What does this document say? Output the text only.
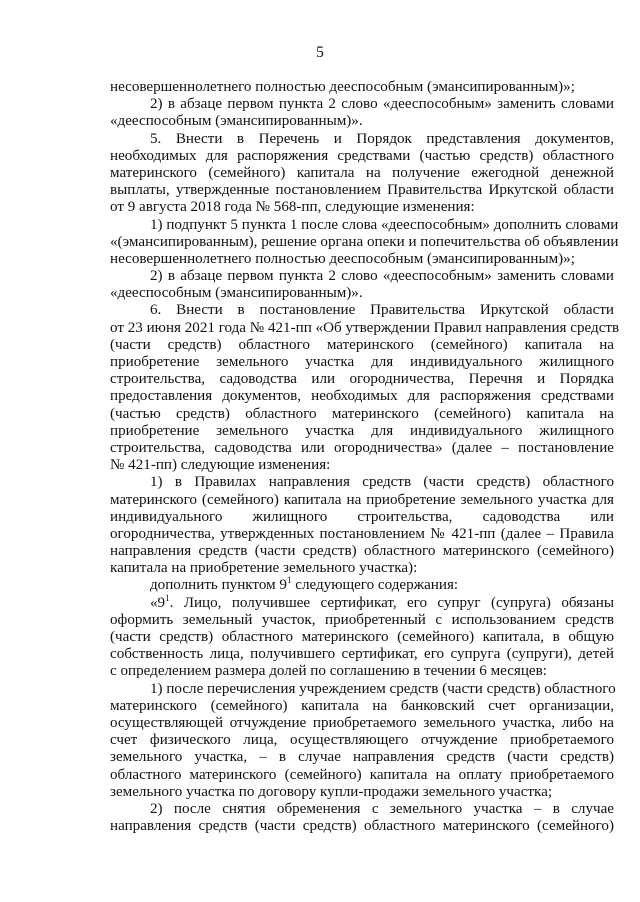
5
несовершеннолетнего полностью дееспособным (эмансипированным)»;
2) в абзаце первом пункта 2 слово «дееспособным» заменить словами
«дееспособным (эмансипированным)».
5. Внести в Перечень и Порядок представления документов,
необходимых для распоряжения средствами (частью средств) областного
материнского (семейного) капитала на получение ежегодной денежной
выплаты, утвержденные постановлением Правительства Иркутской области
от 9 августа 2018 года № 568-пп, следующие изменения:
1) подпункт 5 пункта 1 после слова «дееспособным» дополнить словами
«(эмансипированным), решение органа опеки и попечительства об объявлении
несовершеннолетнего полностью дееспособным (эмансипированным)»;
2) в абзаце первом пункта 2 слово «дееспособным» заменить словами
«дееспособным (эмансипированным)».
6. Внести в постановление Правительства Иркутской области
от 23 июня 2021 года № 421-пп «Об утверждении Правил направления средств
(части средств) областного материнского (семейного) капитала на
приобретение земельного участка для индивидуального жилищного
строительства, садоводства или огородничества, Перечня и Порядка
предоставления документов, необходимых для распоряжения средствами
(частью средств) областного материнского (семейного) капитала на
приобретение земельного участка для индивидуального жилищного
строительства, садоводства или огородничества» (далее – постановление
№ 421-пп) следующие изменения:
1) в Правилах направления средств (части средств) областного
материнского (семейного) капитала на приобретение земельного участка для
индивидуального жилищного строительства, садоводства или
огородничества, утвержденных постановлением № 421-пп (далее – Правила
направления средств (части средств) областного материнского (семейного)
капитала на приобретение земельного участка):
дополнить пунктом $9^1$ следующего содержания:
«$9^1$. Лицо, получившее сертификат, его супруг (супруга) обязаны
оформить земельный участок, приобретенный с использованием средств
(части средств) областного материнского (семейного) капитала, в общую
собственность лица, получившего сертификат, его супруга (супруги), детей
с определением размера долей по соглашению в течении 6 месяцев:
1) после перечисления учреждением средств (части средств) областного
материнского (семейного) капитала на банковский счет организации,
осуществляющей отчуждение приобретаемого земельного участка, либо на
счет физического лица, осуществляющего отчуждение приобретаемого
земельного участка, – в случае направления средств (части средств)
областного материнского (семейного) капитала на оплату приобретаемого
земельного участка по договору купли-продажи земельного участка;
2) после снятия обременения с земельного участка – в случае
направления средств (части средств) областного материнского (семейного)
